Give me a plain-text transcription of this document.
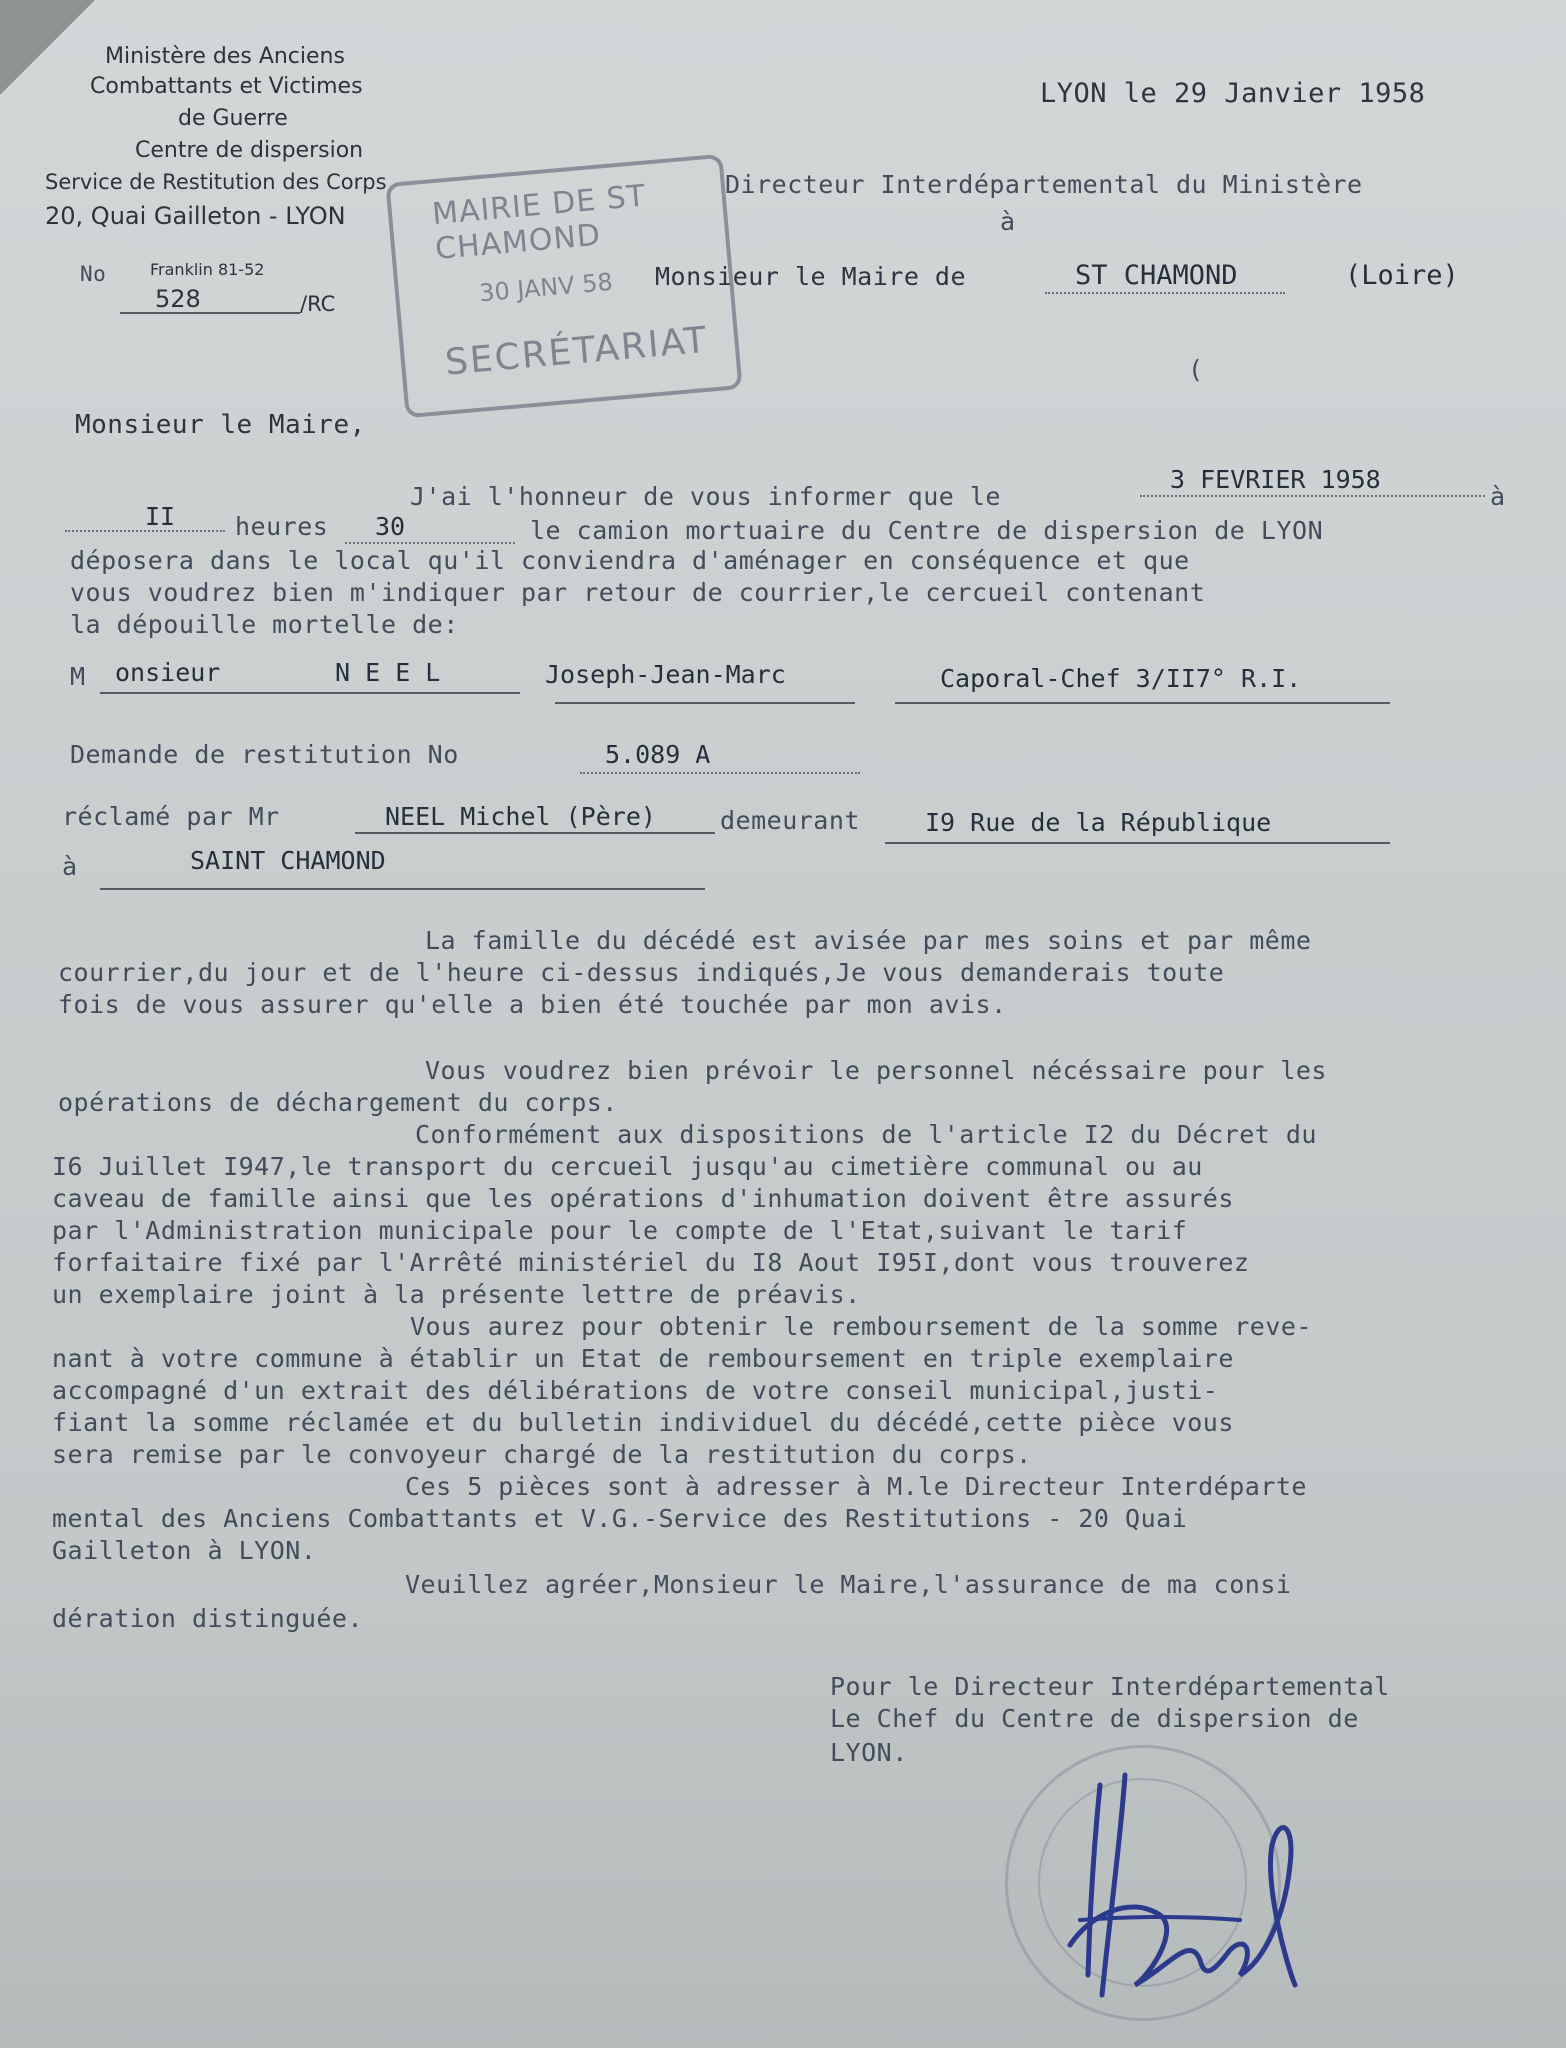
Ministère des Anciens
Combattants et Victimes
de Guerre
Centre de dispersion
Service de Restitution des Corps
20, Quai Gailleton - LYON
Franklin 81-52
No
528	/RC
LYON le 29 Janvier 1958
Directeur Interdépartemental du Ministère
à
Monsieur le Maire de	ST CHAMOND	(Loire)
(
MAIRIE DE ST CHAMOND
30 JANV 58
SECRÉTARIAT
Monsieur le Maire,
J'ai l'honneur de vous informer que le
3 FEVRIER 1958
à
II heures 30	le camion mortuaire du Centre de dispersion de LYON
déposera dans le local qu'il conviendra d'aménager en conséquence et que
vous voudrez bien m'indiquer par retour de courrier,le cercueil contenant
la dépouille mortelle de:
M onsieur	N E E L	Joseph-Jean-Marc	Caporal-Chef 3/II7° R.I.
Demande de restitution No	5.089 A
réclamé par Mr	NEEL Michel (Père)	demeurant	I9 Rue de la République
à	SAINT CHAMOND
La famille du décédé est avisée par mes soins et par même
courrier,du jour et de l'heure ci-dessus indiqués,Je vous demanderais toute
fois de vous assurer qu'elle a bien été touchée par mon avis.
Vous voudrez bien prévoir le personnel nécéssaire pour les
opérations de déchargement du corps.
Conformément aux dispositions de l'article I2 du Décret du
I6 Juillet I947,le transport du cercueil jusqu'au cimetière communal ou au
caveau de famille ainsi que les opérations d'inhumation doivent être assurés
par l'Administration municipale pour le compte de l'Etat,suivant le tarif
forfaitaire fixé par l'Arrêté ministériel du I8 Aout I95I,dont vous trouverez
un exemplaire joint à la présente lettre de préavis.
Vous aurez pour obtenir le remboursement de la somme reve-
nant à votre commune à établir un Etat de remboursement en triple exemplaire
accompagné d'un extrait des délibérations de votre conseil municipal,justi-
fiant la somme réclamée et du bulletin individuel du décédé,cette pièce vous
sera remise par le convoyeur chargé de la restitution du corps.
Ces 5 pièces sont à adresser à M.le Directeur Interdéparte
mental des Anciens Combattants et V.G.-Service des Restitutions - 20 Quai
Gailleton à LYON.
Veuillez agréer,Monsieur le Maire,l'assurance de ma consi
dération distinguée.
Pour le Directeur Interdépartemental
Le Chef du Centre de dispersion de
LYON.
